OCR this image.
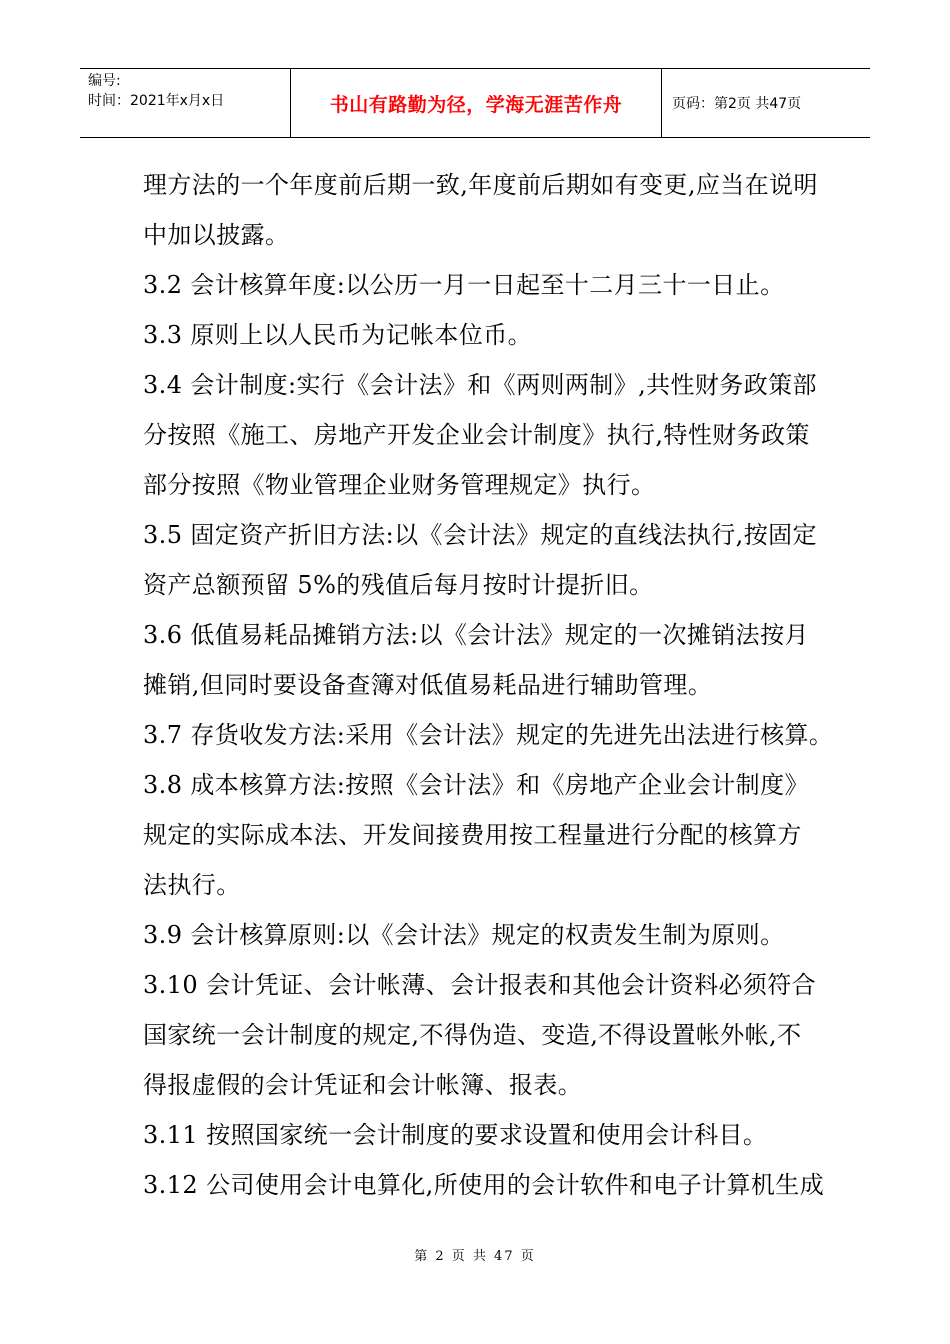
编号:
时间：2021年x月x日	书山有路勤为径，学海无涯苦作舟	页码：第2页 共47页
理方法的一个年度前后期一致,年度前后期如有变更,应当在说明
中加以披露。
3.2 会计核算年度:以公历一月一日起至十二月三十一日止。
3.3 原则上以人民币为记帐本位币。
3.4 会计制度:实行《会计法》和《两则两制》,共性财务政策部
分按照《施工、房地产开发企业会计制度》执行,特性财务政策
部分按照《物业管理企业财务管理规定》执行。
3.5 固定资产折旧方法:以《会计法》规定的直线法执行,按固定
资产总额预留 5%的残值后每月按时计提折旧。
3.6 低值易耗品摊销方法:以《会计法》规定的一次摊销法按月
摊销,但同时要设备查簿对低值易耗品进行辅助管理。
3.7 存货收发方法:采用《会计法》规定的先进先出法进行核算。
3.8 成本核算方法:按照《会计法》和《房地产企业会计制度》
规定的实际成本法、开发间接费用按工程量进行分配的核算方
法执行。
3.9 会计核算原则:以《会计法》规定的权责发生制为原则。
3.10 会计凭证、会计帐薄、会计报表和其他会计资料必须符合
国家统一会计制度的规定,不得伪造、变造,不得设置帐外帐,不
得报虚假的会计凭证和会计帐簿、报表。
3.11 按照国家统一会计制度的要求设置和使用会计科目。
3.12 公司使用会计电算化,所使用的会计软件和电子计算机生成
第 2 页 共 47 页
